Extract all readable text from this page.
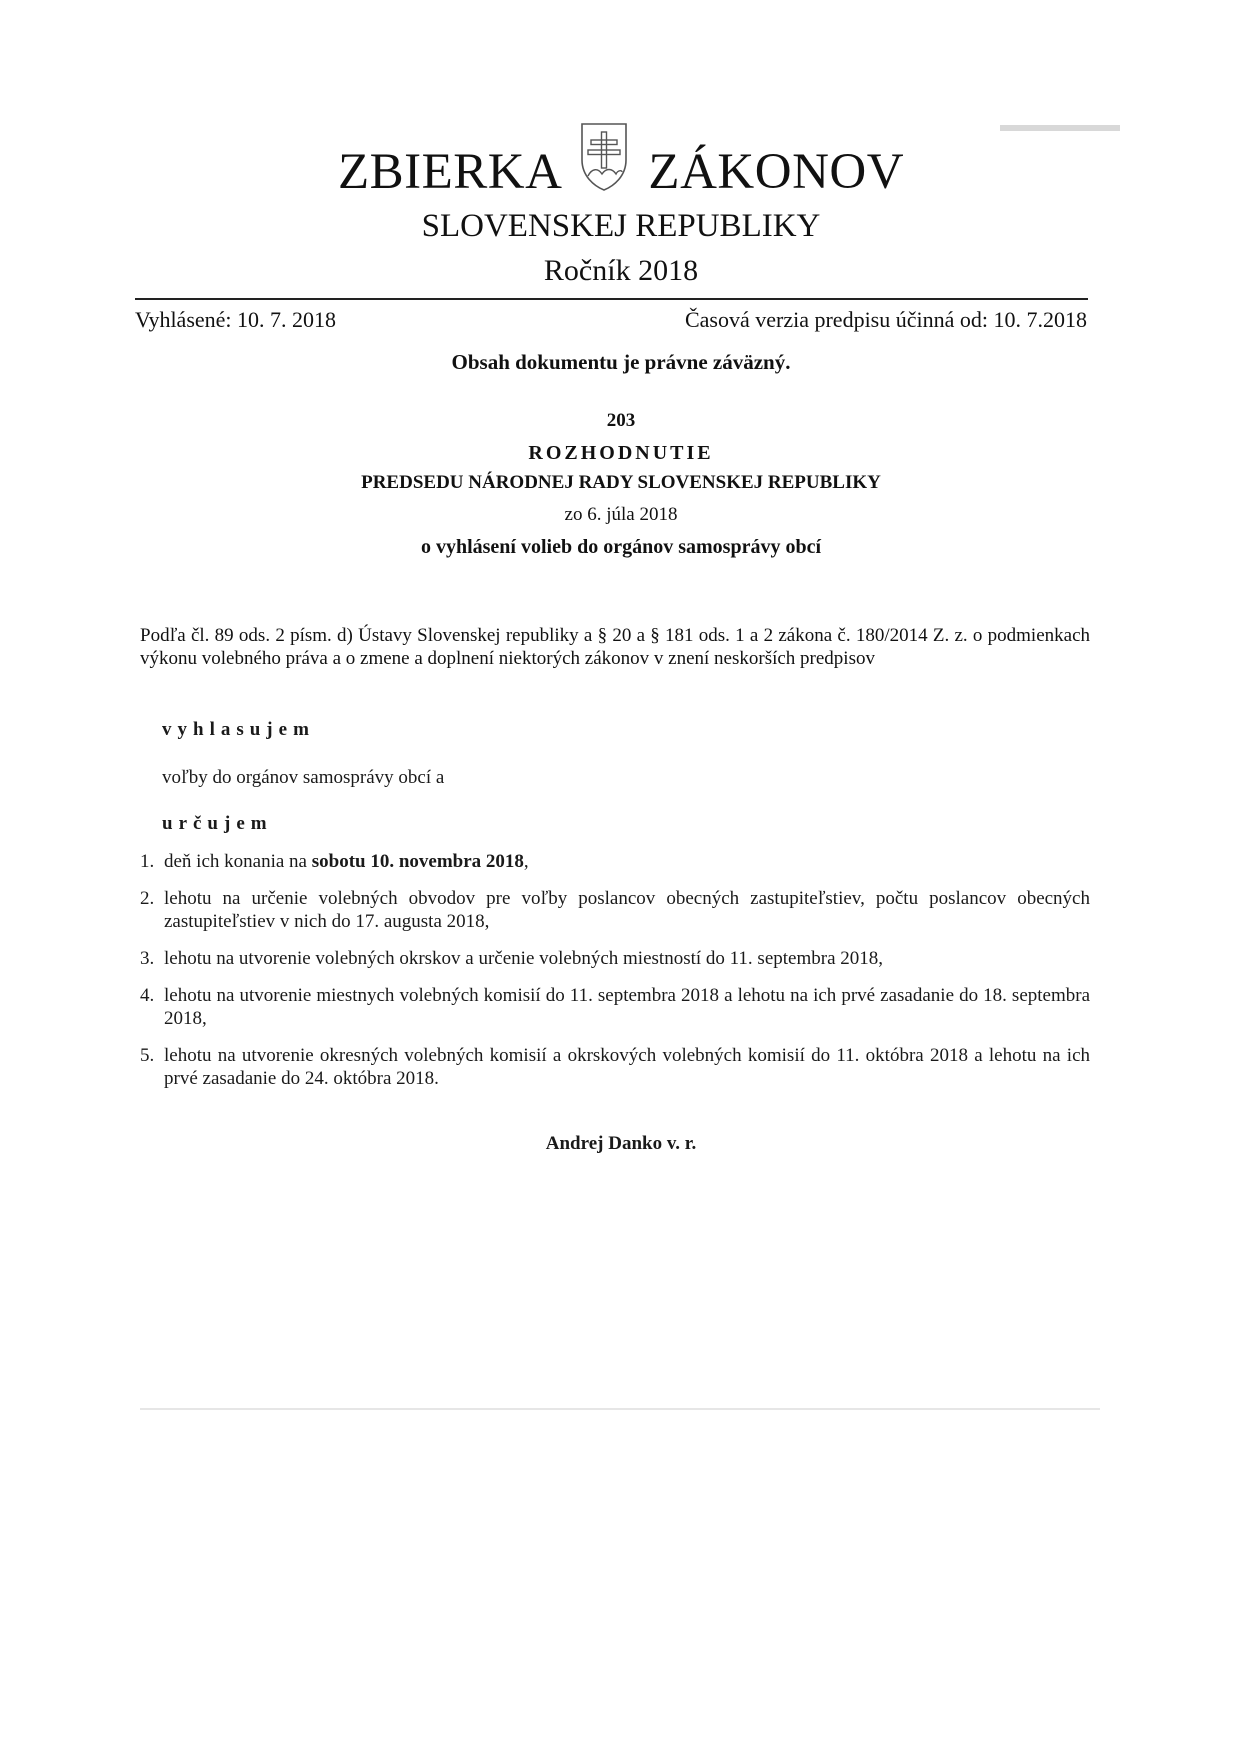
ZBIERKA ZÁKONOV
SLOVENSKEJ REPUBLIKY
Ročník 2018
Vyhlásené: 10. 7. 2018	Časová verzia predpisu účinná od: 10. 7.2018
Obsah dokumentu je právne záväzný.
203
ROZHODNUTIE
PREDSEDU NÁRODNEJ RADY SLOVENSKEJ REPUBLIKY
zo 6. júla 2018
o vyhlásení volieb do orgánov samosprávy obcí
Podľa čl. 89 ods. 2 písm. d) Ústavy Slovenskej republiky a § 20 a § 181 ods. 1 a 2 zákona č. 180/2014 Z. z. o podmienkach výkonu volebného práva a o zmene a doplnení niektorých zákonov v znení neskorších predpisov
vyhlasujem
voľby do orgánov samosprávy obcí a
určujem
1. deň ich konania na sobotu 10. novembra 2018,
2. lehotu na určenie volebných obvodov pre voľby poslancov obecných zastupiteľstiev, počtu poslancov obecných zastupiteľstiev v nich do 17. augusta 2018,
3. lehotu na utvorenie volebných okrskov a určenie volebných miestností do 11. septembra 2018,
4. lehotu na utvorenie miestnych volebných komisií do 11. septembra 2018 a lehotu na ich prvé zasadanie do 18. septembra 2018,
5. lehotu na utvorenie okresných volebných komisií a okrskových volebných komisií do 11. októbra 2018 a lehotu na ich prvé zasadanie do 24. októbra 2018.
Andrej Danko v. r.
